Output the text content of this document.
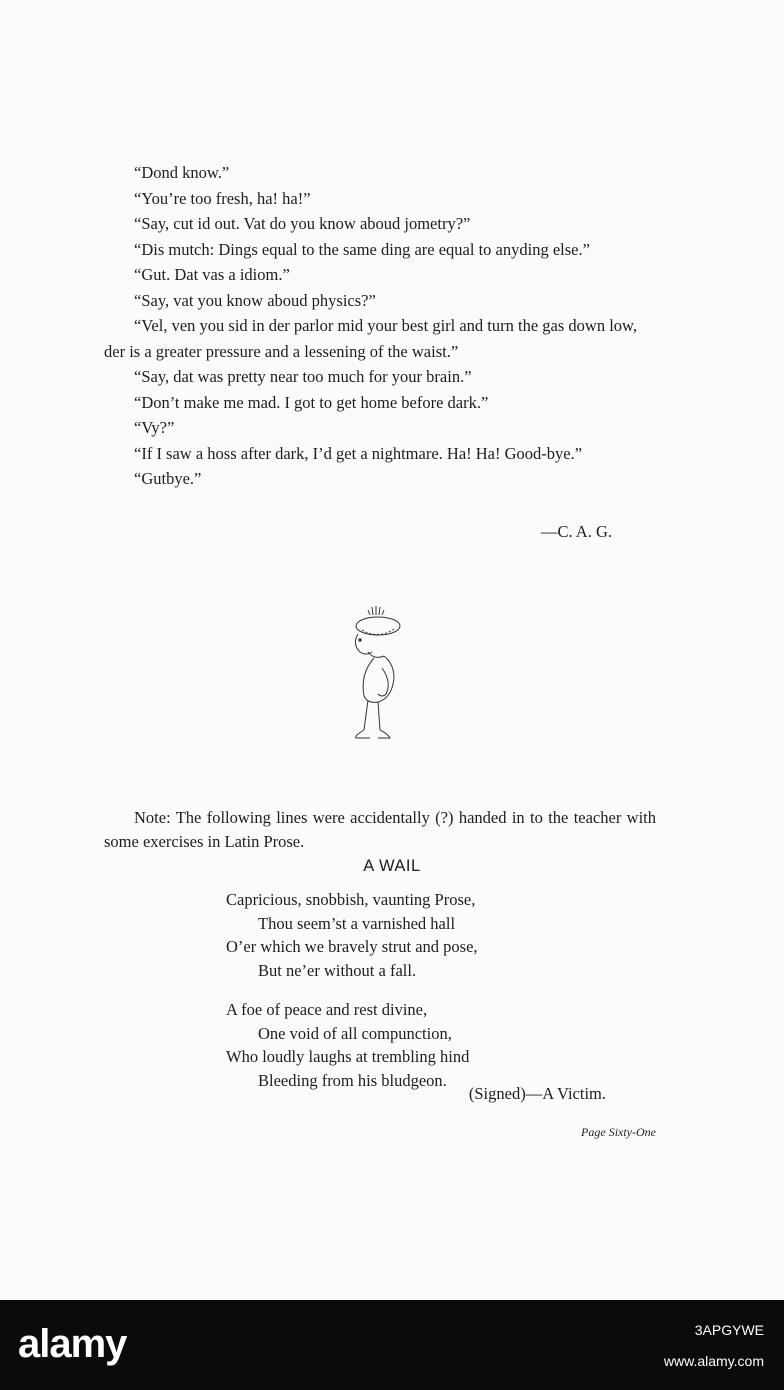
“Dond know.”

“You’re too fresh, ha! ha!”

“Say, cut id out. Vat do you know aboud jometry?”

“Dis mutch: Dings equal to the same ding are equal to anyding else.”

“Gut. Dat vas a idiom.”

“Say, vat you know aboud physics?”

“Vel, ven you sid in der parlor mid your best girl and turn the gas down low, der is a greater pressure and a lessening of the waist.”

“Say, dat was pretty near too much for your brain.”

“Don’t make me mad. I got to get home before dark.”

“Vy?”

“If I saw a hoss after dark, I’d get a nightmare. Ha! Ha! Good-bye.”

“Gutbye.”

—C. A. G.

Note: The following lines were accidentally (?) handed in to the teacher with some exercises in Latin Prose.

A WAIL

Capricious, snobbish, vaunting Prose,

Thou seem’st a varnished hall

O’er which we bravely strut and pose,

But ne’er without a fall.

A foe of peace and rest divine,

One void of all compunction,

Who loudly laughs at trembling hind

Bleeding from his bludgeon.

(Signed)—A Victim.
Page Sixty-One
alamy	3APGYWE
www.alamy.com
